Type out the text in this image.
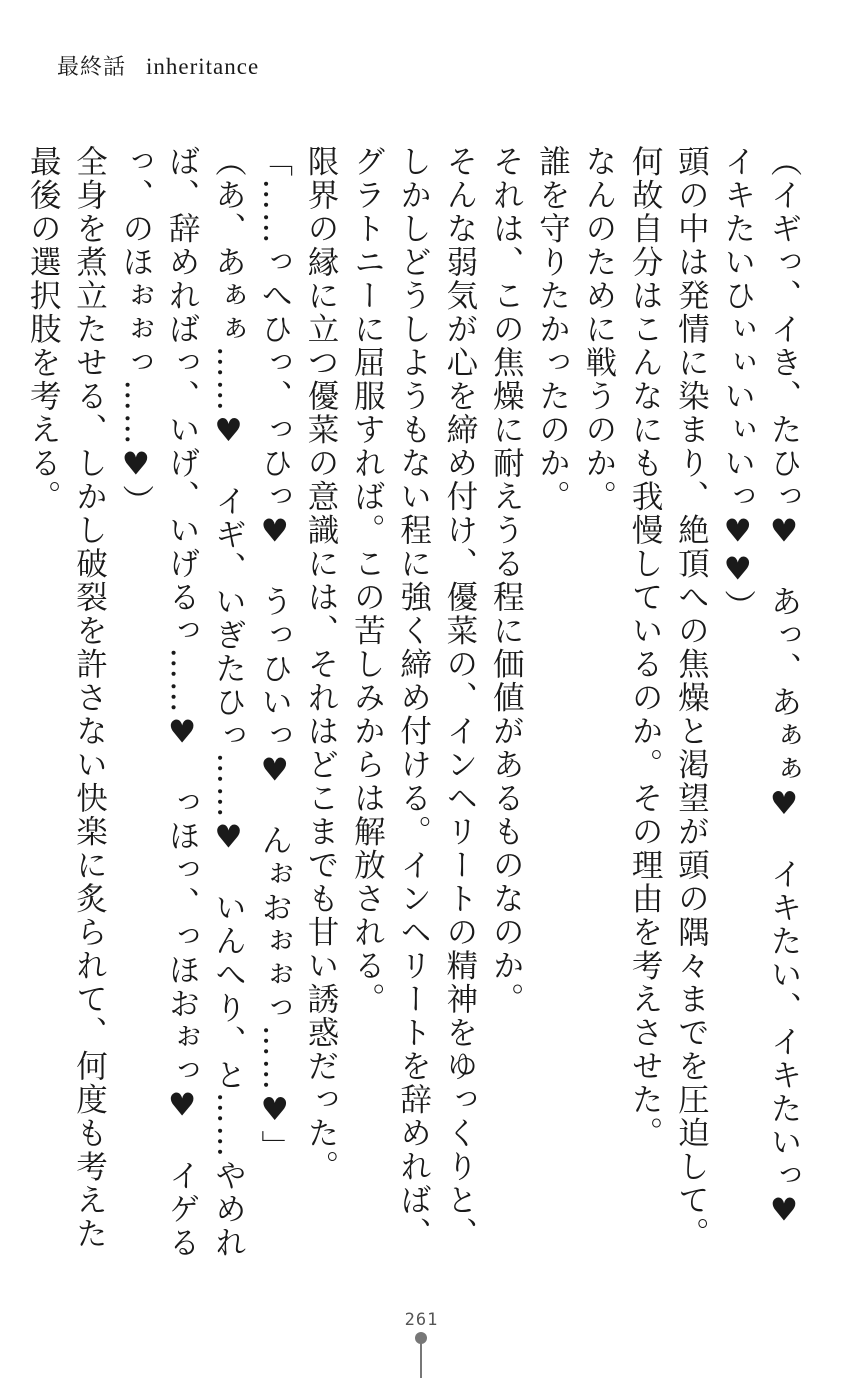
最終話 inheritance

（イギっ、イき、たひっ♥　あっ、あぁぁ♥　イキたい、イキたいっ♥　イキたいひぃぃいぃいっ♥♥）

頭の中は発情に染まり、絶頂への焦燥と渇望が頭の隅々までを圧迫して。

何故自分はこんなにも我慢しているのか。その理由を考えさせた。

なんのために戦うのか。

誰を守りたかったのか。

それは、この焦燥に耐えうる程に価値があるものなのか。

そんな弱気が心を締め付け、優菜の、インヘリートの精神をゆっくりと、しかしどうしようもない程に強く締め付ける。インヘリートを辞めれば、グラトニーに屈服すれば。この苦しみからは解放される。

限界の縁に立つ優菜の意識には、それはどこまでも甘い誘惑だった。

「……っへひっ、っひっ♥　うっひいっ♥　んぉおぉぉっ……♥」

（あ、あぁぁ……♥　イギ、いぎたひっ……♥　いんへり、と……やめれば、辞めればっ、いげ、いげるっ……♥　っほっ、っほおぉっ♥　イゲるっ、のほぉぉっ……♥）

全身を煮立たせる、しかし破裂を許さない快楽に炙られて、何度も考えた最後の選択肢を考える。

261
